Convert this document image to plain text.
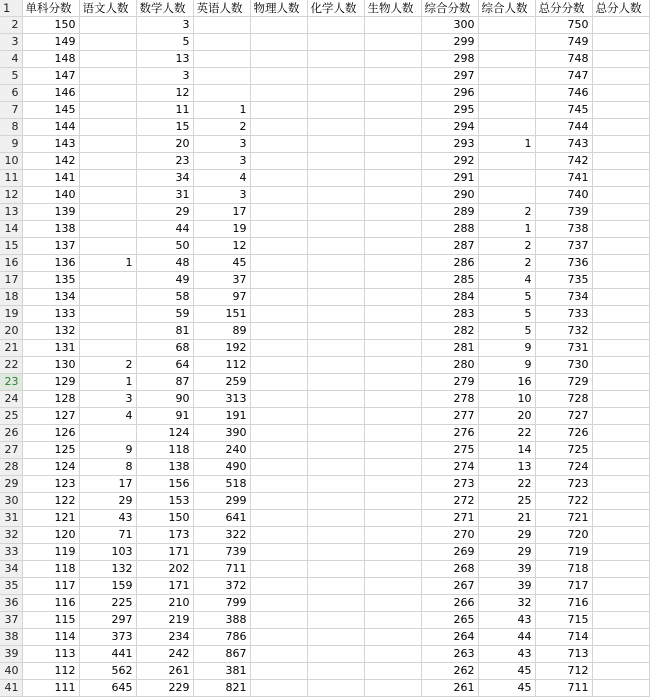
1	单科分数	语文人数	数学人数	英语人数	物理人数	化学人数	生物人数	综合分数	综合人数	总分分数	总分人数
2	150		3					300		750	
3	149		5					299		749	
4	148		13					298		748	
5	147		3					297		747	
6	146		12					296		746	
7	145		11	1				295		745	
8	144		15	2				294		744	
9	143		20	3				293	1	743	
10	142		23	3				292		742	
11	141		34	4				291		741	
12	140		31	3				290		740	
13	139		29	17				289	2	739	
14	138		44	19				288	1	738	
15	137		50	12				287	2	737	
16	136	1	48	45				286	2	736	
17	135		49	37				285	4	735	
18	134		58	97				284	5	734	
19	133		59	151				283	5	733	
20	132		81	89				282	5	732	
21	131		68	192				281	9	731	
22	130	2	64	112				280	9	730	
23	129	1	87	259				279	16	729	
24	128	3	90	313				278	10	728	
25	127	4	91	191				277	20	727	
26	126		124	390				276	22	726	
27	125	9	118	240				275	14	725	
28	124	8	138	490				274	13	724	
29	123	17	156	518				273	22	723	
30	122	29	153	299				272	25	722	
31	121	43	150	641				271	21	721	
32	120	71	173	322				270	29	720	
33	119	103	171	739				269	29	719	
34	118	132	202	711				268	39	718	
35	117	159	171	372				267	39	717	
36	116	225	210	799				266	32	716	
37	115	297	219	388				265	43	715	
38	114	373	234	786				264	44	714	
39	113	441	242	867				263	43	713	
40	112	562	261	381				262	45	712	
41	111	645	229	821				261	45	711	
